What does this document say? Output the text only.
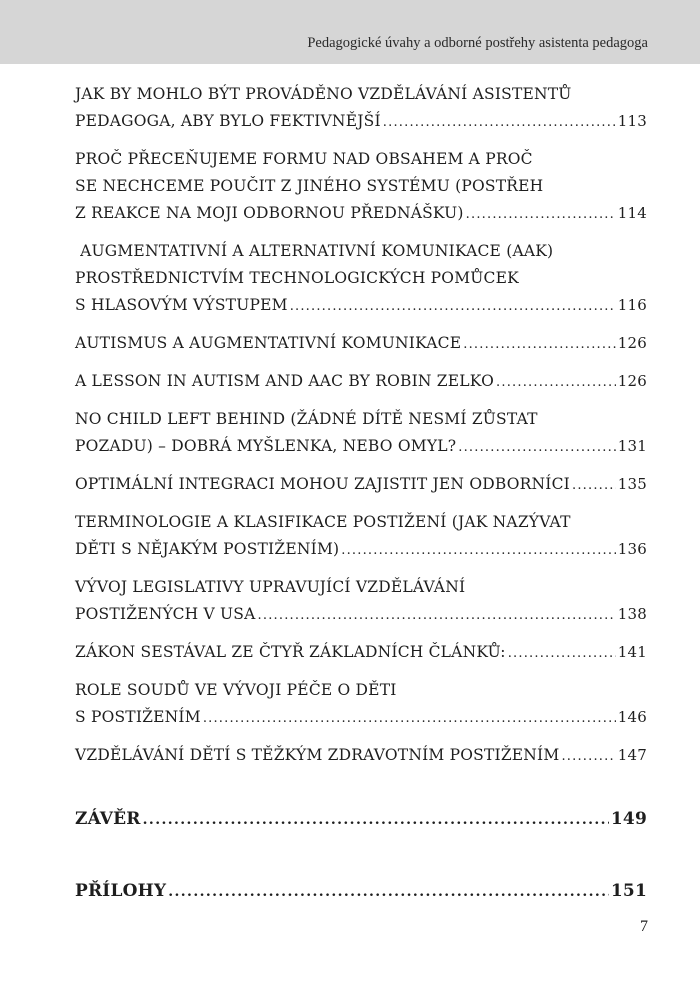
Pedagogické úvahy a odborné postřehy asistenta pedagoga
JAK BY MOHLO BÝT PROVÁDĚNO VZDĚLÁVÁNÍ ASISTENTŮ
PEDAGOGA, ABY BYLO FEKTIVNĚJŠÍ .....	113
PROČ PŘECEŇUJEME FORMU NAD OBSAHEM A PROČ
SE NECHCEME POUČIT Z JINÉHO SYSTÉMU (POSTŘEH
Z REAKCE NA MOJI ODBORNOU PŘEDNÁŠKU) .....	114
AUGMENTATIVNÍ A ALTERNATIVNÍ KOMUNIKACE (AAK)
PROSTŘEDNICTVÍM TECHNOLOGICKÝCH POMŮCEK
S HLASOVÝM VÝSTUPEM .....	116
AUTISMUS A AUGMENTATIVNÍ KOMUNIKACE .....	126
A LESSON IN AUTISM AND AAC BY ROBIN ZELKO .....	126
NO CHILD LEFT BEHIND (ŽÁDNÉ DÍTĚ NESMÍ ZŮSTAT
POZADU) – DOBRÁ MYŠLENKA, NEBO OMYL? .....	131
OPTIMÁLNÍ INTEGRACI MOHOU ZAJISTIT JEN ODBORNÍCI .....	135
TERMINOLOGIE A KLASIFIKACE POSTIŽENÍ (JAK NAZÝVAT
DĚTI S NĚJAKÝM POSTIŽENÍM) .....	136
VÝVOJ LEGISLATIVY UPRAVUJÍCÍ VZDĚLÁVÁNÍ
POSTIŽENÝCH V USA .....	138
ZÁKON SESTÁVAL ZE ČTYŘ ZÁKLADNÍCH ČLÁNKŮ: .....	141
ROLE SOUDŮ VE VÝVOJI PÉČE O DĚTI
S POSTIŽENÍM .....	146
VZDĚLÁVÁNÍ DĚTÍ S TĚŽKÝM ZDRAVOTNÍM POSTIŽENÍM .....	147
ZÁVĚR .....	149
PŘÍLOHY .....	151
7
